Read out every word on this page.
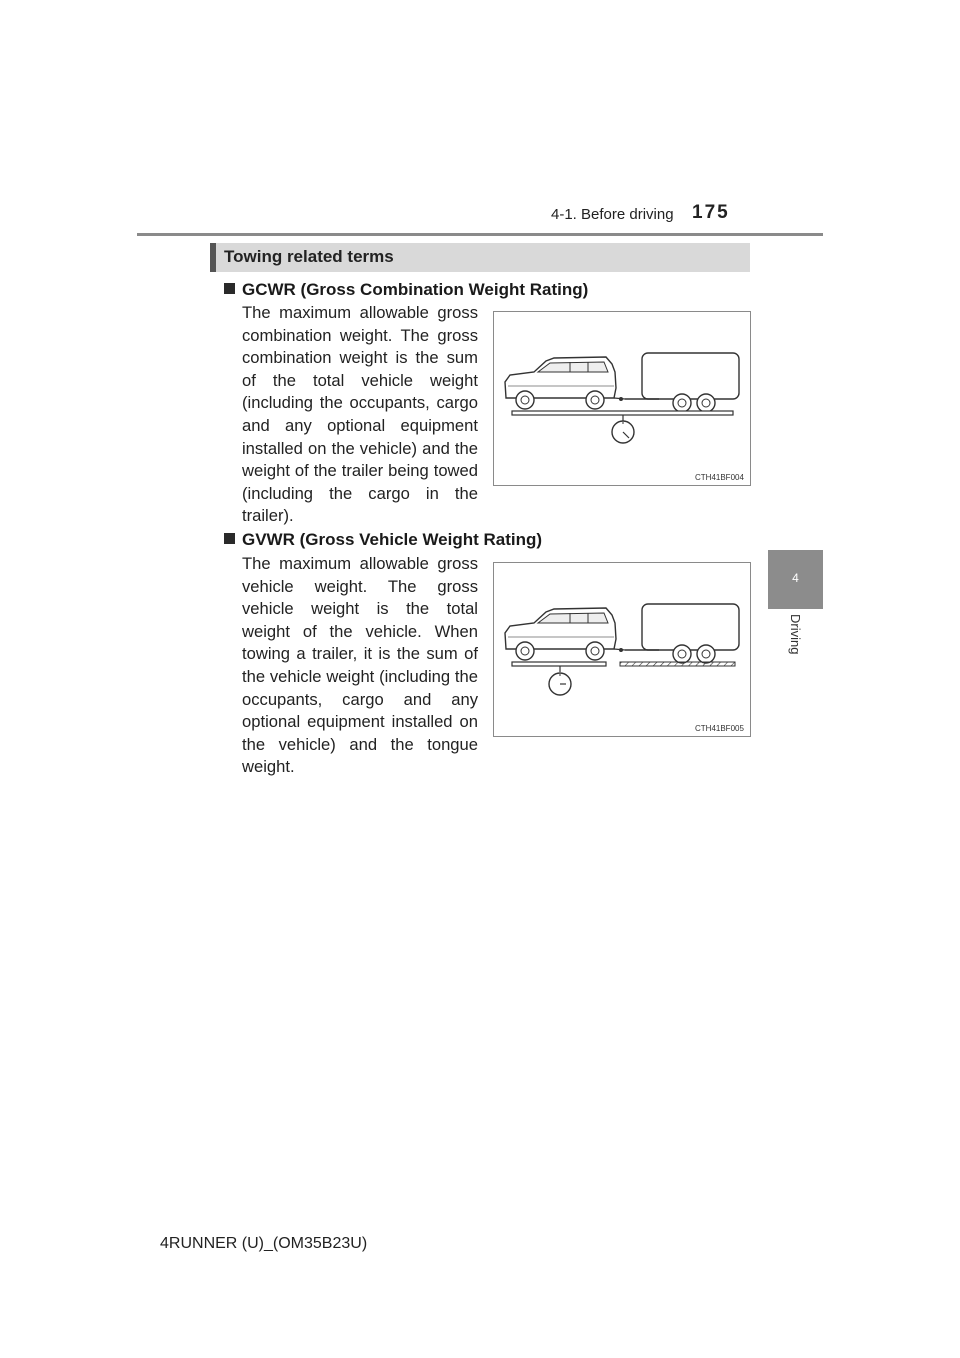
4-1. Before driving 175
4
Driving
Towing related terms
GCWR (Gross Combination Weight Rating)
The maximum allowable gross combination weight. The gross combination weight is the sum of the total vehicle weight (including the occupants, cargo and any optional equipment installed on the vehicle) and the weight of the trailer being towed (including the cargo in the trailer).
CTH41BF004
GVWR (Gross Vehicle Weight Rating)
The maximum allowable gross vehicle weight. The gross vehicle weight is the total weight of the vehicle. When towing a trailer, it is the sum of the vehicle weight (including the occupants, cargo and any optional equipment installed on the vehicle) and the tongue weight.
CTH41BF005
4RUNNER (U)_(OM35B23U)
